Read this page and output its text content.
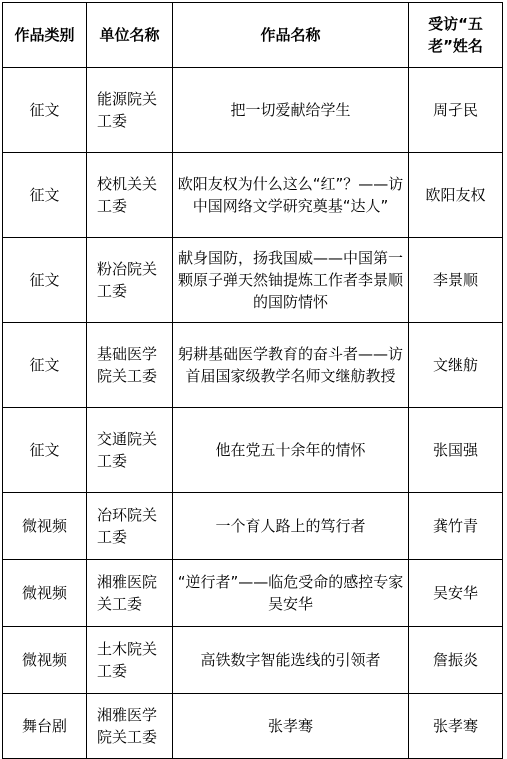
作品类别	单位名称	作品名称	受访“五老”姓名
征文	能源院关工委	把一切爱献给学生	周孑民
征文	校机关关工委	欧阳友权为什么这么“红”？——访中国网络文学研究奠基“达人”	欧阳友权
征文	粉冶院关工委	献身国防，扬我国威——中国第一颗原子弹天然铀提炼工作者李景顺的国防情怀	李景顺
征文	基础医学院关工委	躬耕基础医学教育的奋斗者——访首届国家级教学名师文继舫教授	文继舫
征文	交通院关工委	他在党五十余年的情怀	张国强
微视频	冶环院关工委	一个育人路上的笃行者	龚竹青
微视频	湘雅医院关工委	“逆行者”——临危受命的感控专家吴安华	吴安华
微视频	土木院关工委	高铁数字智能选线的引领者	詹振炎
舞台剧	湘雅医学院关工委	张孝骞	张孝骞
